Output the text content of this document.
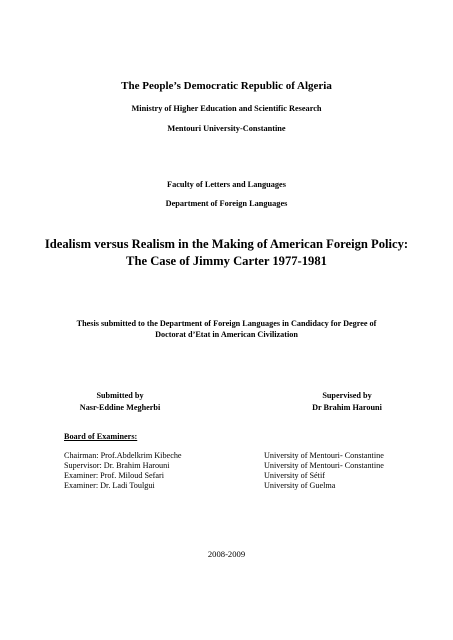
The People’s Democratic Republic of Algeria
Ministry of Higher Education and Scientific Research
Mentouri University-Constantine
Faculty of Letters and Languages
Department of Foreign Languages
Idealism versus Realism in the Making of American Foreign Policy:
The Case of Jimmy Carter 1977-1981
Thesis submitted to the Department of Foreign Languages in Candidacy for Degree of
Doctorat d’Etat in American Civilization
Submitted by
Nasr-Eddine Megherbi
Supervised by
Dr Brahim Harouni
Board of Examiners:
Chairman: Prof.Abdelkrim Kibeche	University of Mentouri- Constantine
Supervisor: Dr. Brahim Harouni	University of Mentouri- Constantine
Examiner: Prof. Miloud Sefari	University of Sétif
Examiner: Dr. Ladi Toulgui	University of Guelma
2008-2009
